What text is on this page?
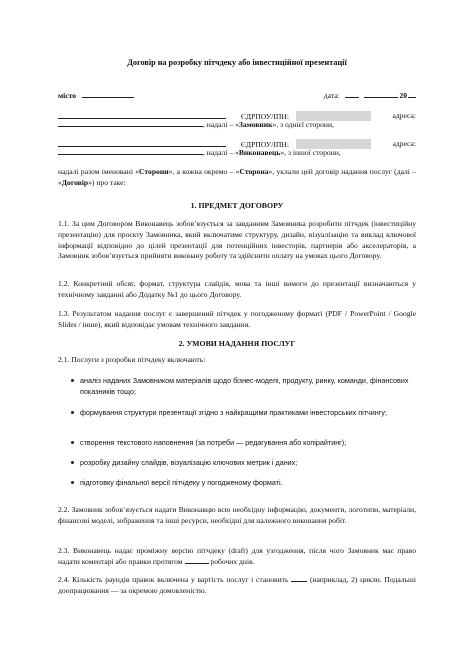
Договір на розробку пітчдеку або інвестиційної презентації
місто	дата:	20
ЄДРПОУ/ІПН:	адреса:
, надалі – «Замовник», з однієї сторони,
ЄДРПОУ/ІПН:	адреса:
, надалі – «Виконавець», з іншої сторони,
надалі разом іменовані «Сторони», а кожна окремо – «Сторона», уклали цей договір надання послуг (далі – «Договір») про таке:
1. ПРЕДМЕТ ДОГОВОРУ
1.1. За цим Договором Виконавець зобов’язується за завданням Замовника розробити пітчдек (інвестиційну презентацію) для проєкту Замовника, який включатиме структуру, дизайн, візуалізацію та виклад ключової інформації відповідно до цілей презентації для потенційних інвесторів, партнерів або акселераторів, а Замовник зобов’язується прийняти виконану роботу та здійснити оплату на умовах цього Договору.
1.2. Конкретний обсяг, формат, структура слайдів, мова та інші вимоги до презентації визначаються у технічному завданні або Додатку №1 до цього Договору.
1.3. Результатом надання послуг є завершений пітчдек у погодженому форматі (PDF / PowerPoint / Google Slides / інше), який відповідає умовам технічного завдання.
2. УМОВИ НАДАННЯ ПОСЛУГ
2.1. Послуги з розробки пітчдеку включають:
аналіз наданих Замовником матеріалів щодо бізнес-моделі, продукту, ринку, команди, фінансових показників тощо;
формування структури презентації згідно з найкращими практиками інвесторських пітчингу;
створення текстового наповнення (за потреби — редагування або копірайтинг);
розробку дизайну слайдів, візуалізацію ключових метрик і даних;
підготовку фінальної версії пітчдеку у погодженому форматі.
2.2. Замовник зобов’язується надати Виконавцю всю необхідну інформацію, документи, логотипи, матеріали, фінансові моделі, зображення та інші ресурси, необхідні для належного виконання робіт.
2.3. Виконавець надає проміжну версію пітчдеку (draft) для узгодження, після чого Замовник має право надати коментарі або правки протягом	робочих днів.
2.4. Кількість раундів правок включена у вартість послуг і становить	(наприклад, 2) цикли. Подальші доопрацювання — за окремою домовленістю.
